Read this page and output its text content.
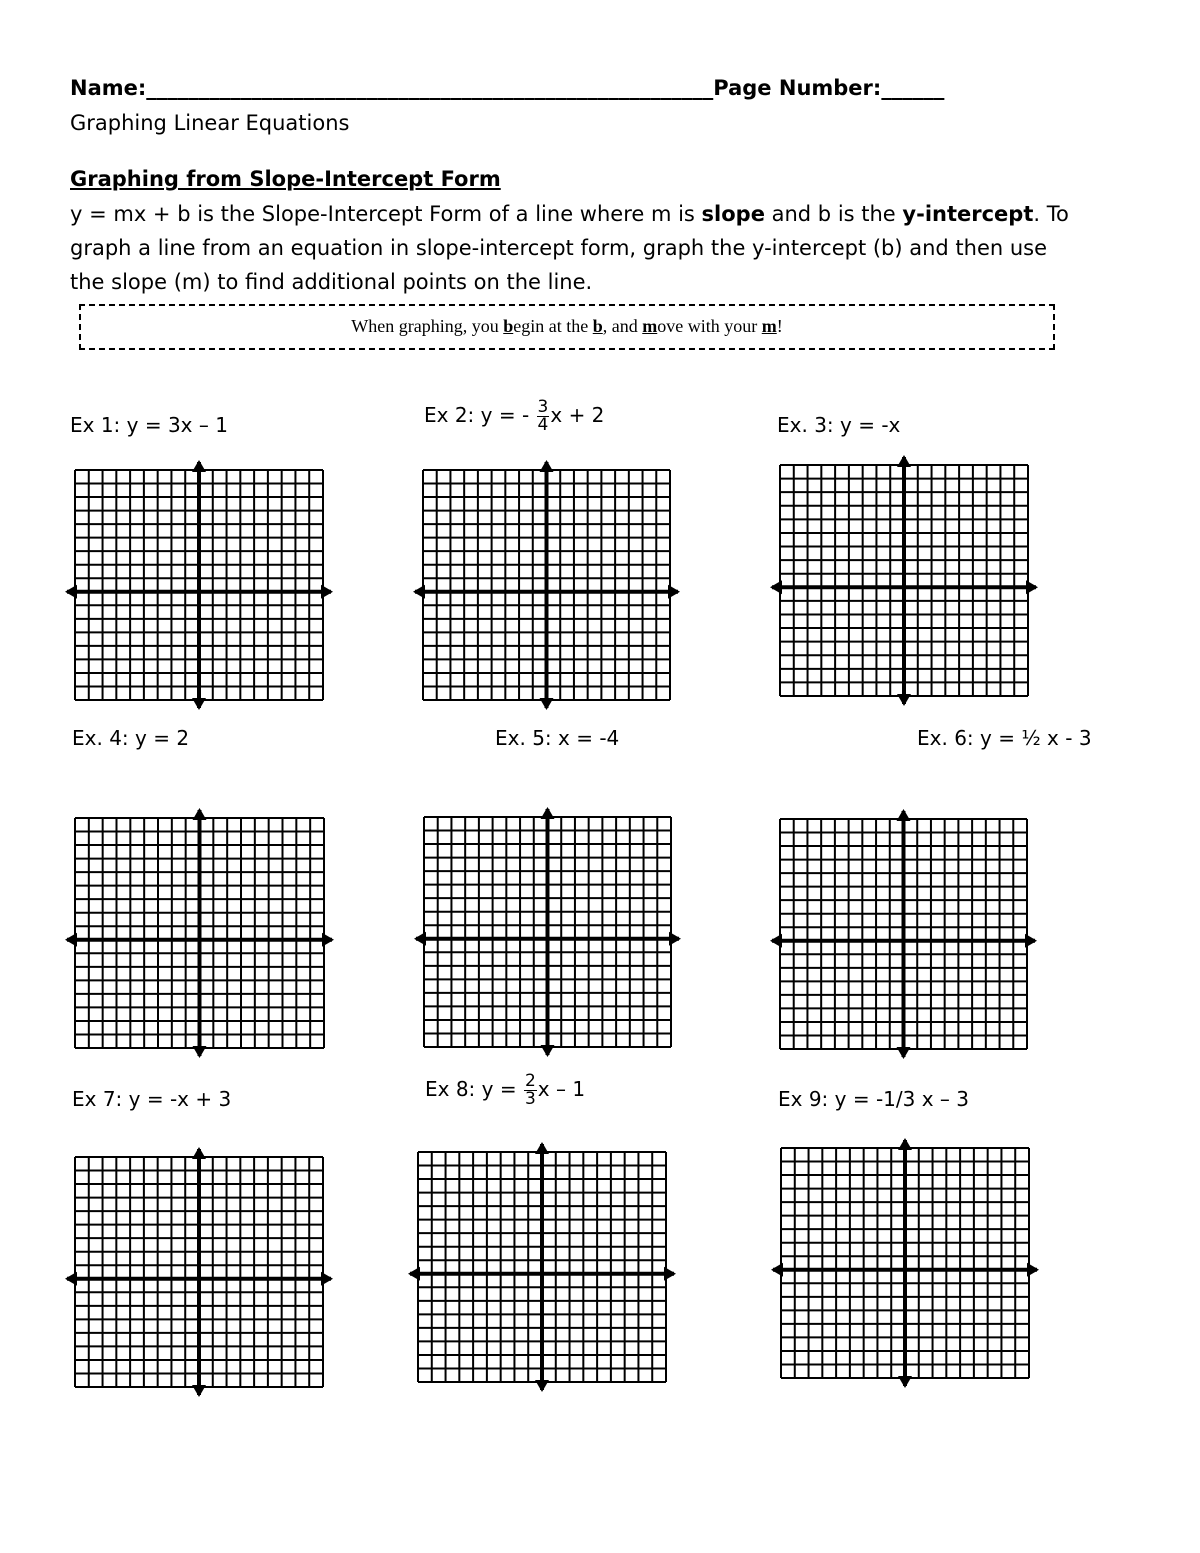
Name:______________________________________________________Page Number:______
Graphing Linear Equations
Graphing from Slope-Intercept Form
y = mx + b is the Slope-Intercept Form of a line where m is slope and b is the y-intercept. To
graph a line from an equation in slope-intercept form, graph the y-intercept (b) and then use
the slope (m) to find additional points on the line.
When graphing, you begin at the b, and move with your m!
Ex 1: y = 3x – 1	Ex 2: y = - $\frac{3}{4}$ x + 2	Ex. 3: y = -x
Ex. 4: y = 2	Ex. 5: x = -4	Ex. 6: y = ½ x - 3
Ex 7: y = -x + 3	Ex 8: $y = \frac{2}{3}$ x – 1	Ex 9: y = -1/3 x – 3
